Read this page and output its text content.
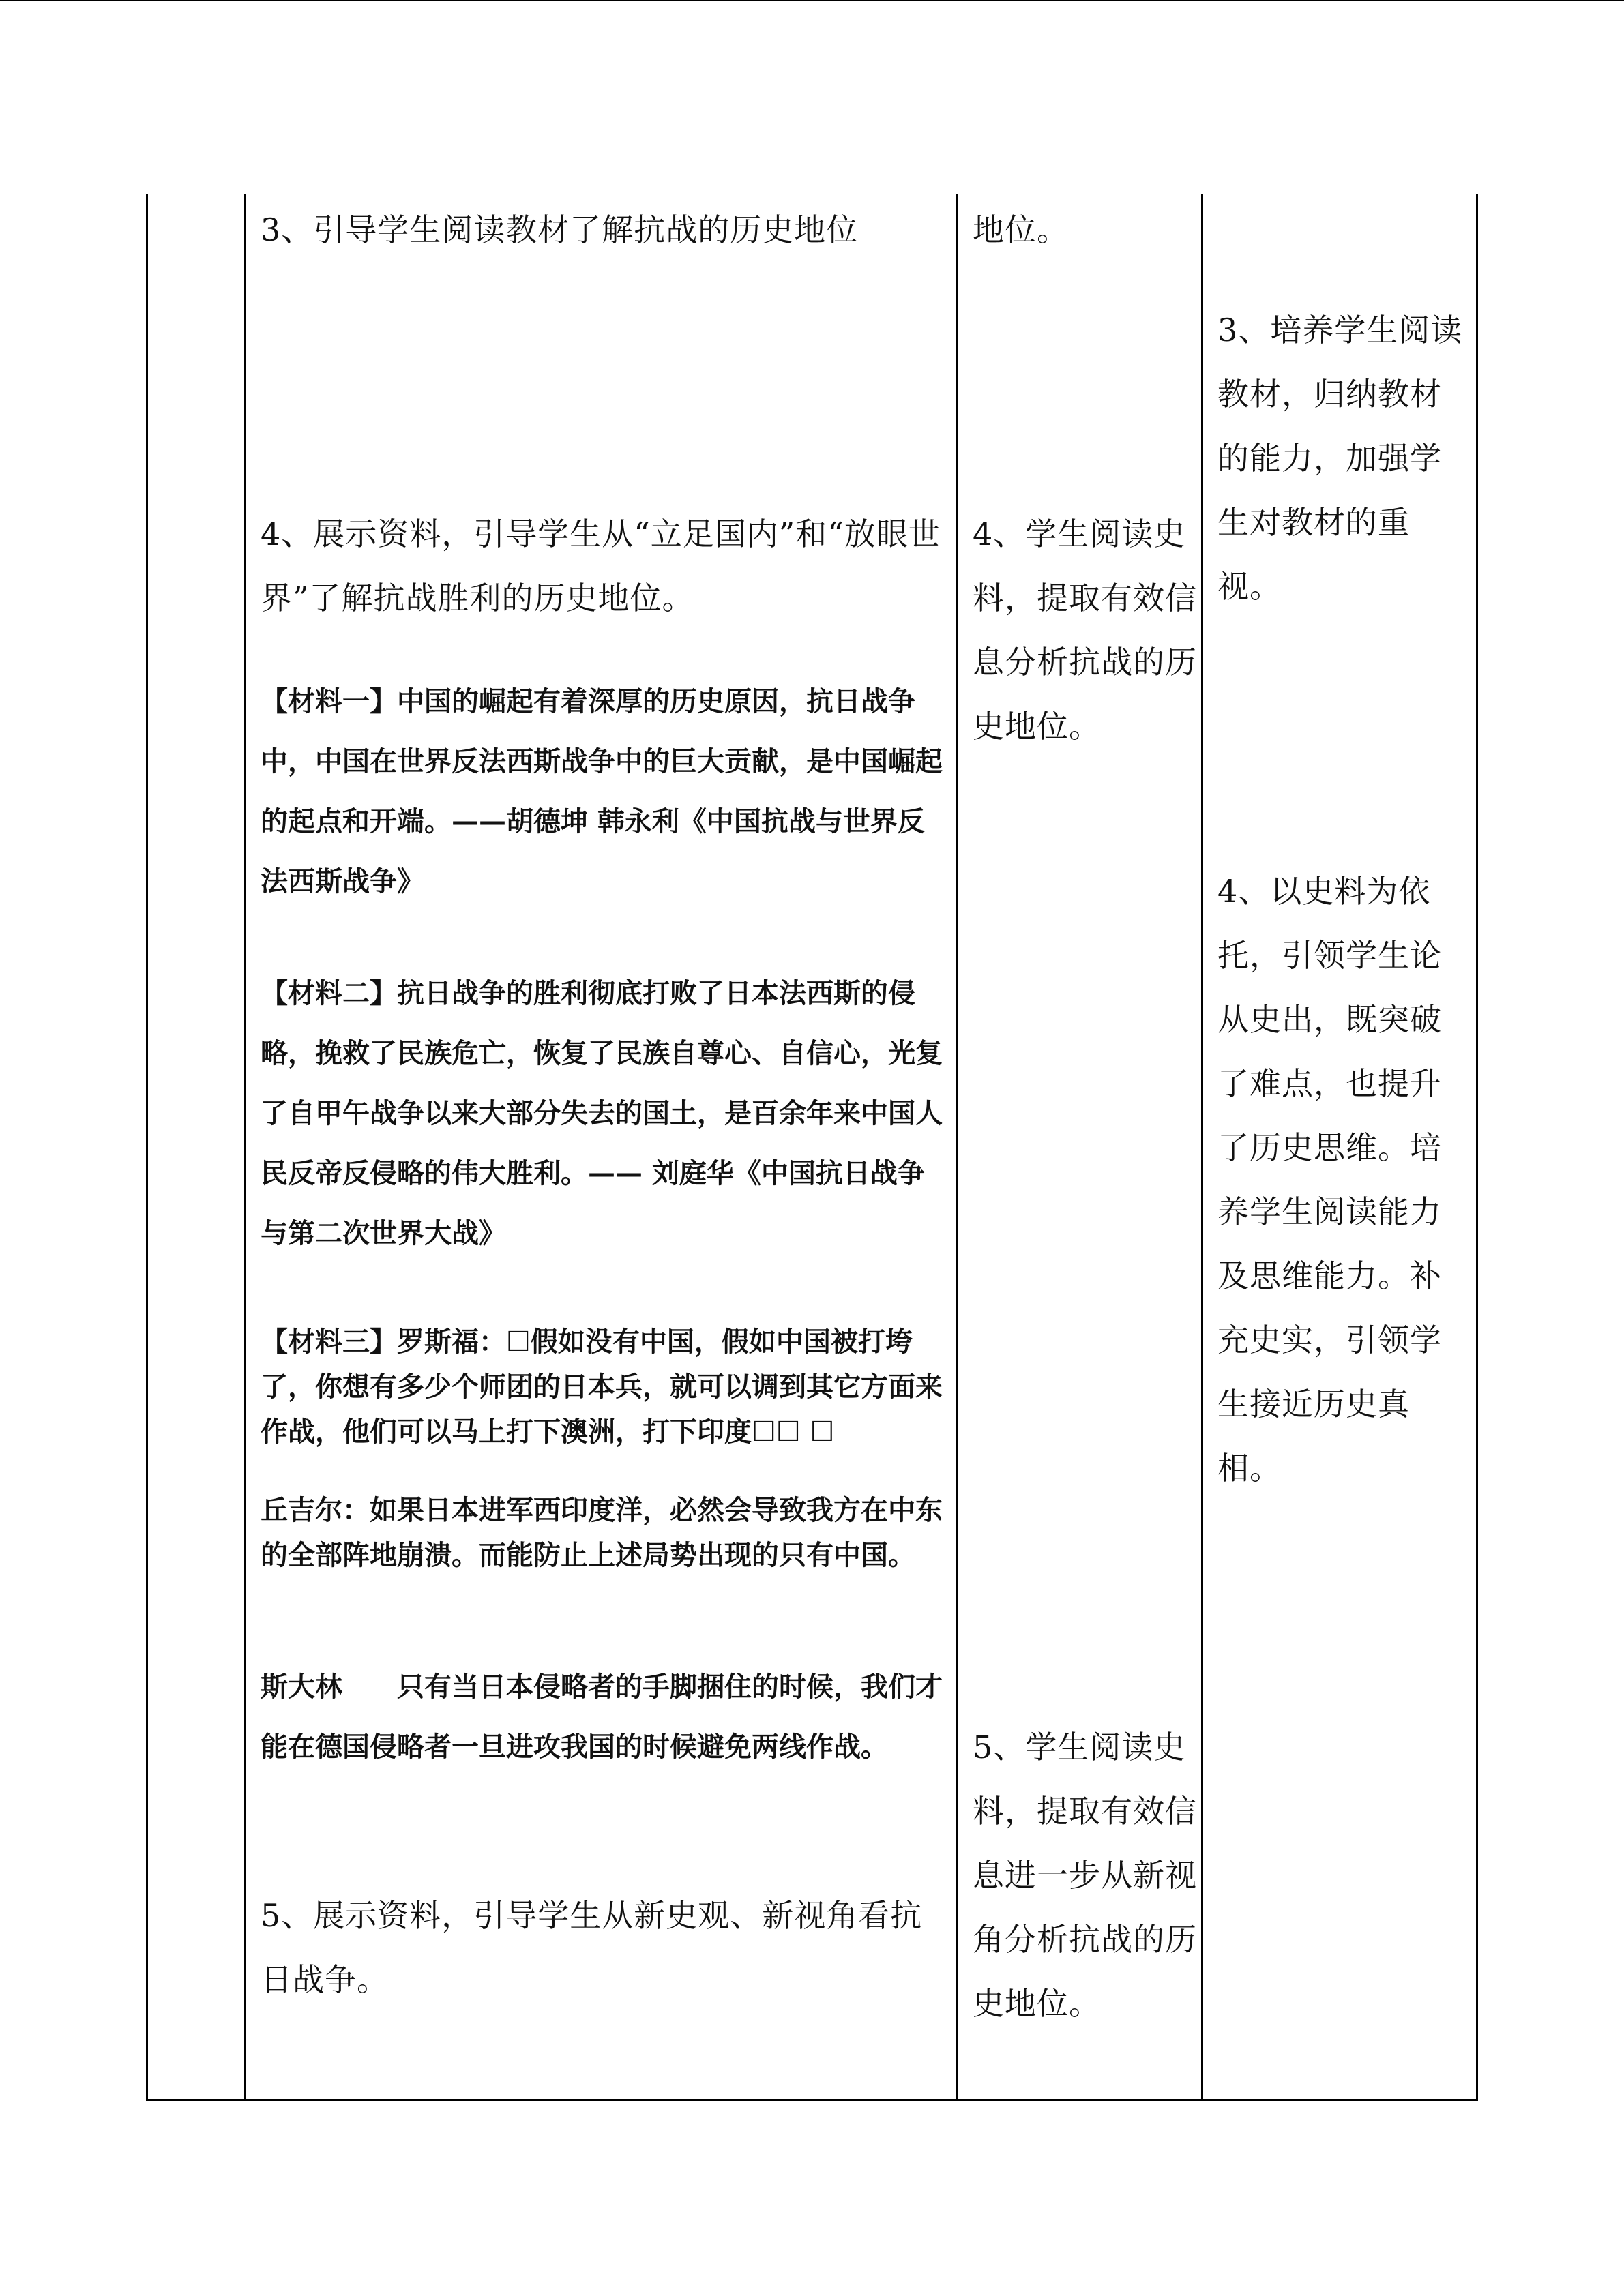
3、引导学生阅读教材了解抗战的历史地位

4、展示资料，引导学生从“立足国内”和“放眼世界”了解抗战胜利的历史地位。

【材料一】中国的崛起有着深厚的历史原因，抗日战争中，中国在世界反法西斯战争中的巨大贡献，是中国崛起的起点和开端。——胡德坤 韩永利《中国抗战与世界反法西斯战争》

【材料二】抗日战争的胜利彻底打败了日本法西斯的侵略，挽救了民族危亡，恢复了民族自尊心、自信心，光复了自甲午战争以来大部分失去的国土，是百余年来中国人民反帝反侵略的伟大胜利。—— 刘庭华《中国抗日战争与第二次世界大战》

【材料三】罗斯福：☐假如没有中国，假如中国被打垮了，你想有多少个师团的日本兵，就可以调到其它方面来作战，他们可以马上打下澳洲，打下印度☐☐ ☐

丘吉尔：如果日本进军西印度洋，必然会导致我方在中东的全部阵地崩溃。而能防止上述局势出现的只有中国。

斯大林　　只有当日本侵略者的手脚捆住的时候，我们才能在德国侵略者一旦进攻我国的时候避免两线作战。

5、展示资料，引导学生从新史观、新视角看抗日战争。

地位。

4、学生阅读史料，提取有效信息分析抗战的历史地位。

5、学生阅读史料，提取有效信息进一步从新视角分析抗战的历史地位。

3、培养学生阅读教材，归纳教材的能力，加强学生对教材的重视。

4、以史料为依托，引领学生论从史出，既突破了难点，也提升了历史思维。培养学生阅读能力及思维能力。补充史实，引领学生接近历史真相。
